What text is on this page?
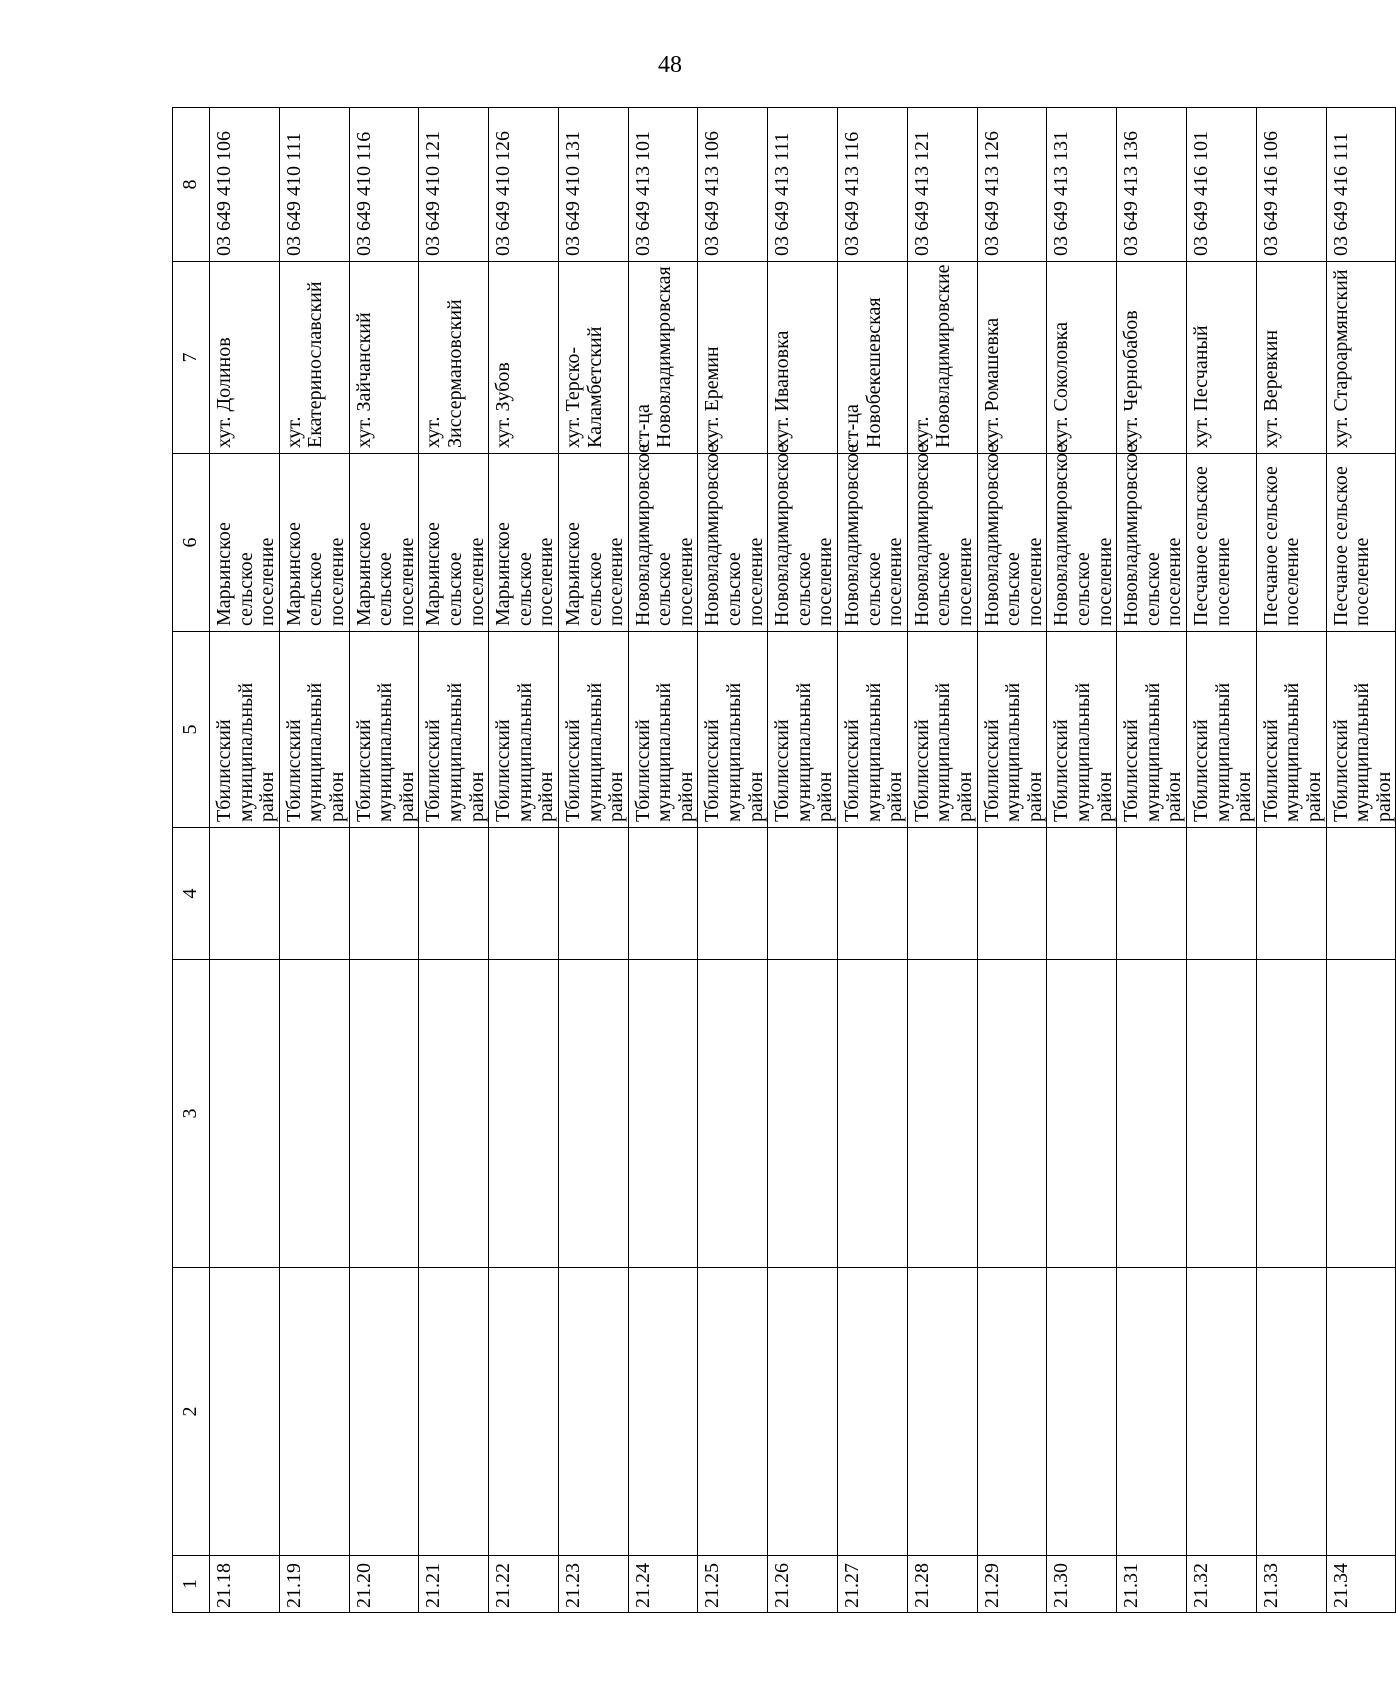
48
1	2	3	4	5	6	7	8
21.18				Тбилисский муниципальный район	Марьинское сельское поселение	хут. Долинов	03 649 410 106
21.19				Тбилисский муниципальный район	Марьинское сельское поселение	хут. Екатеринославский	03 649 410 111
21.20				Тбилисский муниципальный район	Марьинское сельское поселение	хут. Зайчанский	03 649 410 116
21.21				Тбилисский муниципальный район	Марьинское сельское поселение	хут. Зиссермановский	03 649 410 121
21.22				Тбилисский муниципальный район	Марьинское сельское поселение	хут. Зубов	03 649 410 126
21.23				Тбилисский муниципальный район	Марьинское сельское поселение	хут. Терско-Каламбетский	03 649 410 131
21.24				Тбилисский муниципальный район	Нововладимировское сельское поселение	ст-ца Нововладимировская	03 649 413 101
21.25				Тбилисский муниципальный район	Нововладимировское сельское поселение	хут. Еремин	03 649 413 106
21.26				Тбилисский муниципальный район	Нововладимировское сельское поселение	хут. Ивановка	03 649 413 111
21.27				Тбилисский муниципальный район	Нововладимировское сельское поселение	ст-ца Новобекешевская	03 649 413 116
21.28				Тбилисский муниципальный район	Нововладимировское сельское поселение	хут. Нововладимировские	03 649 413 121
21.29				Тбилисский муниципальный район	Нововладимировское сельское поселение	хут. Ромашевка	03 649 413 126
21.30				Тбилисский муниципальный район	Нововладимировское сельское поселение	хут. Соколовка	03 649 413 131
21.31				Тбилисский муниципальный район	Нововладимировское сельское поселение	хут. Чернобабов	03 649 413 136
21.32				Тбилисский муниципальный район	Песчаное сельское поселение	хут. Песчаный	03 649 416 101
21.33				Тбилисский муниципальный район	Песчаное сельское поселение	хут. Веревкин	03 649 416 106
21.34				Тбилисский муниципальный район	Песчаное сельское поселение	хут. Староармянский	03 649 416 111
